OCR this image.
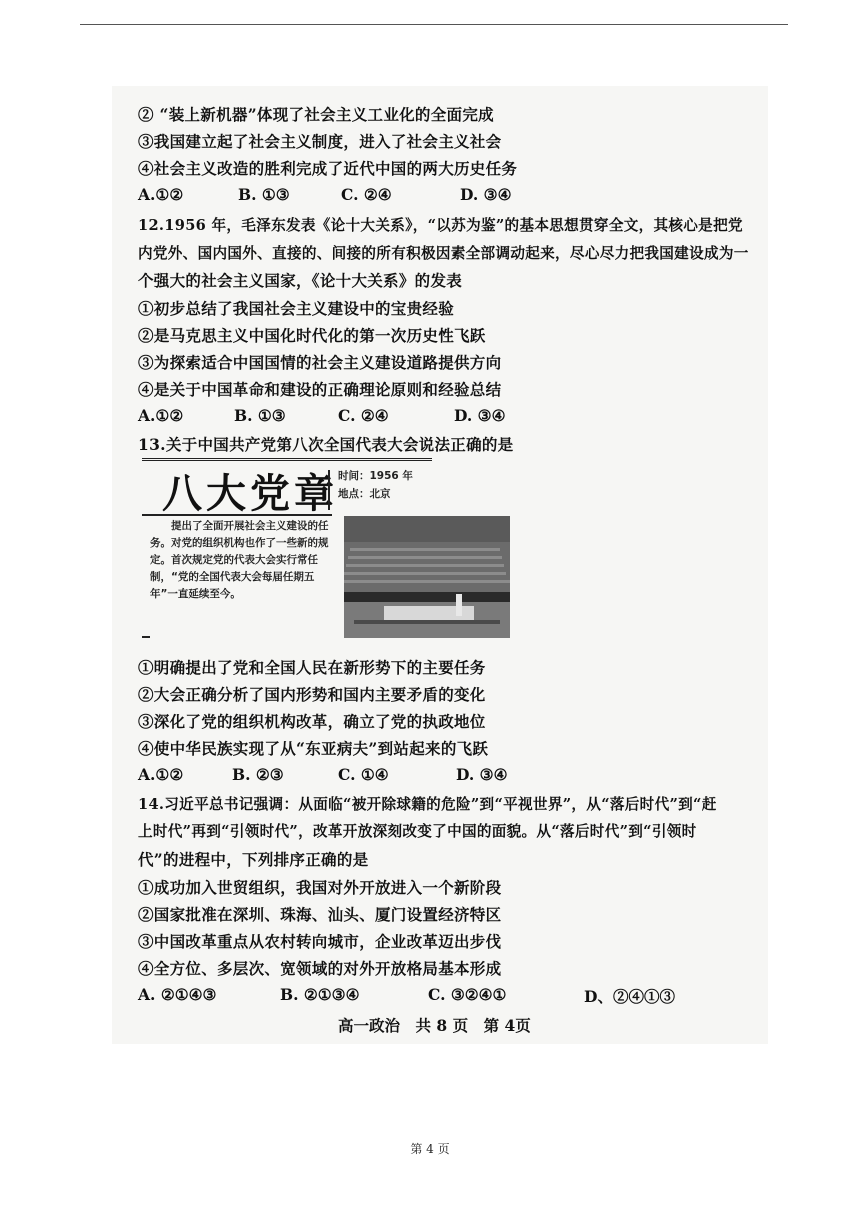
② “装上新机器”体现了社会主义工业化的全面完成
③我国建立起了社会主义制度，进入了社会主义社会
④社会主义改造的胜利完成了近代中国的两大历史任务
A.①②	B. ①③	C. ②④	D. ③④
12.1956 年，毛泽东发表《论十大关系》，“以苏为鉴”的基本思想贯穿全文，其核心是把党
内党外、国内国外、直接的、间接的所有积极因素全部调动起来，尽心尽力把我国建设成为一
个强大的社会主义国家，《论十大关系》的发表
①初步总结了我国社会主义建设中的宝贵经验
②是马克思主义中国化时代化的第一次历史性飞跃
③为探索适合中国国情的社会主义建设道路提供方向
④是关于中国革命和建设的正确理论原则和经验总结
A.①②	B. ①③	C. ②④	D. ③④
13.关于中国共产党第八次全国代表大会说法正确的是
八大党章 时间：1956 年
地点：北京
提出了全面开展社会主义建设的任务。对党的组织机构也作了一些新的规定。首次规定党的代表大会实行常任制，“党的全国代表大会每届任期五年”一直延续至今。
①明确提出了党和全国人民在新形势下的主要任务
②大会正确分析了国内形势和国内主要矛盾的变化
③深化了党的组织机构改革，确立了党的执政地位
④使中华民族实现了从“东亚病夫”到站起来的飞跃
A.①②	B. ②③	C. ①④	D. ③④
14.习近平总书记强调：从面临“被开除球籍的危险”到“平视世界”，从“落后时代”到“赶
上时代”再到“引领时代”，改革开放深刻改变了中国的面貌。从“落后时代”到“引领时
代”的进程中，下列排序正确的是
①成功加入世贸组织，我国对外开放进入一个新阶段
②国家批准在深圳、珠海、汕头、厦门设置经济特区
③中国改革重点从农村转向城市，企业改革迈出步伐
④全方位、多层次、宽领域的对外开放格局基本形成
A. ②①④③	B. ②①③④	C. ③②④①	D、②④①③
高一政治　共 8 页　第 4页
第 4 页
